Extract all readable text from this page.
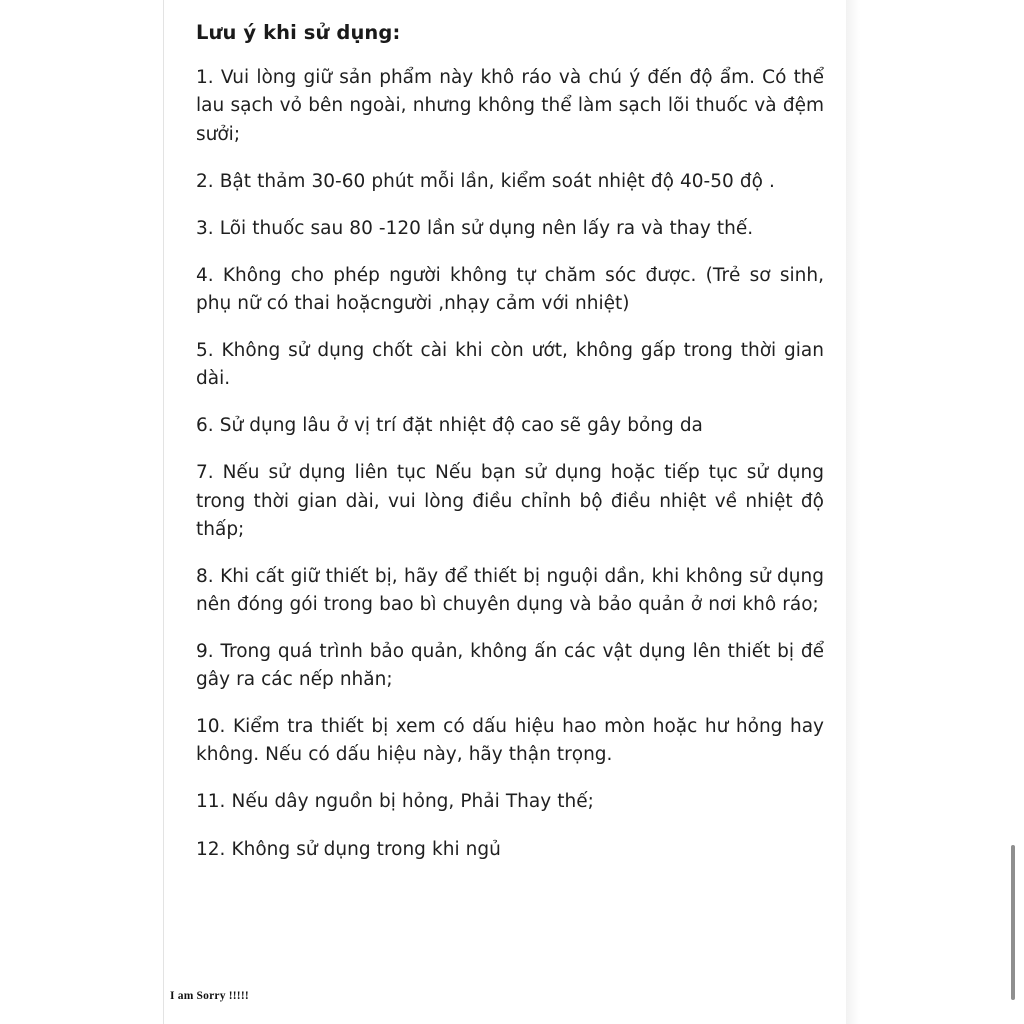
Lưu ý khi sử dụng:

1. Vui lòng giữ sản phẩm này khô ráo và chú ý đến độ ẩm. Có thể lau sạch vỏ bên ngoài, nhưng không thể làm sạch lõi thuốc và đệm sưởi;

2. Bật thảm 30-60 phút mỗi lần, kiểm soát nhiệt độ 40-50 độ .

3. Lõi thuốc sau 80 -120 lần sử dụng nên lấy ra và thay thế.

4. Không cho phép người không tự chăm sóc được. (Trẻ sơ sinh, phụ nữ có thai hoặcngười ,nhạy cảm với nhiệt)

5. Không sử dụng chốt cài khi còn ướt, không gấp trong thời gian dài.

6. Sử dụng lâu ở vị trí đặt nhiệt độ cao sẽ gây bỏng da

7. Nếu sử dụng liên tục Nếu bạn sử dụng hoặc tiếp tục sử dụng trong thời gian dài, vui lòng điều chỉnh bộ điều nhiệt về nhiệt độ thấp;

8. Khi cất giữ thiết bị, hãy để thiết bị nguội dần, khi không sử dụng nên đóng gói trong bao bì chuyên dụng và bảo quản ở nơi khô ráo;

9. Trong quá trình bảo quản, không ấn các vật dụng lên thiết bị để gây ra các nếp nhăn;

10. Kiểm tra thiết bị xem có dấu hiệu hao mòn hoặc hư hỏng hay không. Nếu có dấu hiệu này, hãy thận trọng.

11. Nếu dây nguồn bị hỏng, Phải Thay thế;

12. Không sử dụng trong khi ngủ

I am Sorry !!!!!
